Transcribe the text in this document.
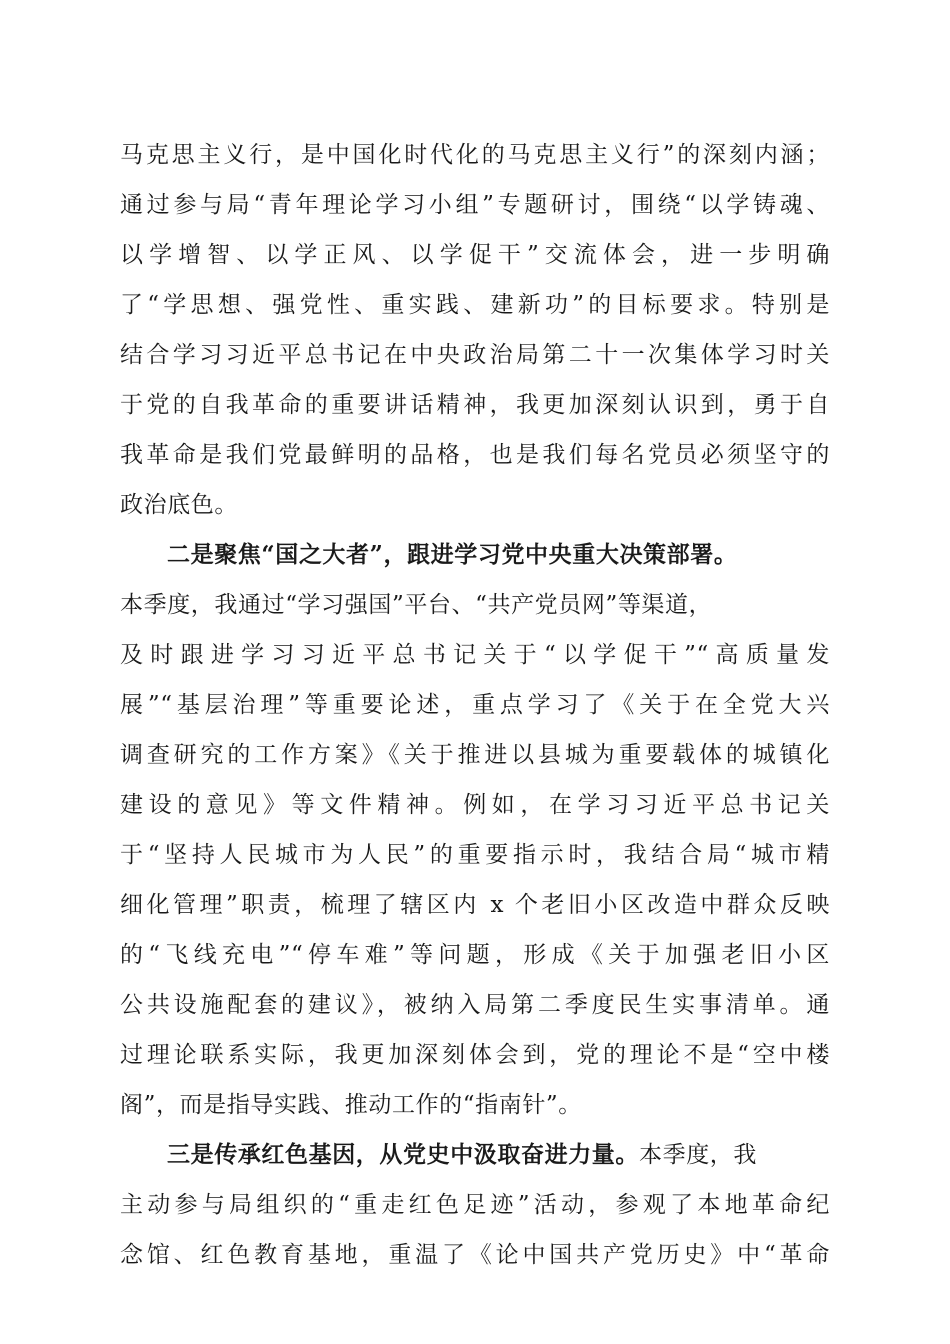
马克思主义行，是中国化时代化的马克思主义行”的深刻内涵；
通过参与局“青年理论学习小组”专题研讨，围绕“以学铸魂、
以学增智、以学正风、以学促干”交流体会，进一步明确
了“学思想、强党性、重实践、建新功”的目标要求。特别是
结合学习习近平总书记在中央政治局第二十一次集体学习时关
于党的自我革命的重要讲话精神，我更加深刻认识到，勇于自
我革命是我们党最鲜明的品格，也是我们每名党员必须坚守的
政治底色。
二是聚焦“国之大者”，跟进学习党中央重大决策部署。
本季度，我通过“学习强国”平台、“共产党员网”等渠道，
及时跟进学习习近平总书记关于“以学促干”“高质量发
展”“基层治理”等重要论述，重点学习了《关于在全党大兴
调查研究的工作方案》《关于推进以县城为重要载体的城镇化
建设的意见》等文件精神。例如，在学习习近平总书记关
于“坚持人民城市为人民”的重要指示时，我结合局“城市精
细化管理”职责，梳理了辖区内 x 个老旧小区改造中群众反映
的“飞线充电”“停车难”等问题，形成《关于加强老旧小区
公共设施配套的建议》，被纳入局第二季度民生实事清单。通
过理论联系实际，我更加深刻体会到，党的理论不是“空中楼
阁”，而是指导实践、推动工作的“指南针”。
三是传承红色基因，从党史中汲取奋进力量。 本季度，我
主动参与局组织的“重走红色足迹”活动，参观了本地革命纪
念馆、红色教育基地，重温了《论中国共产党历史》中“革命
